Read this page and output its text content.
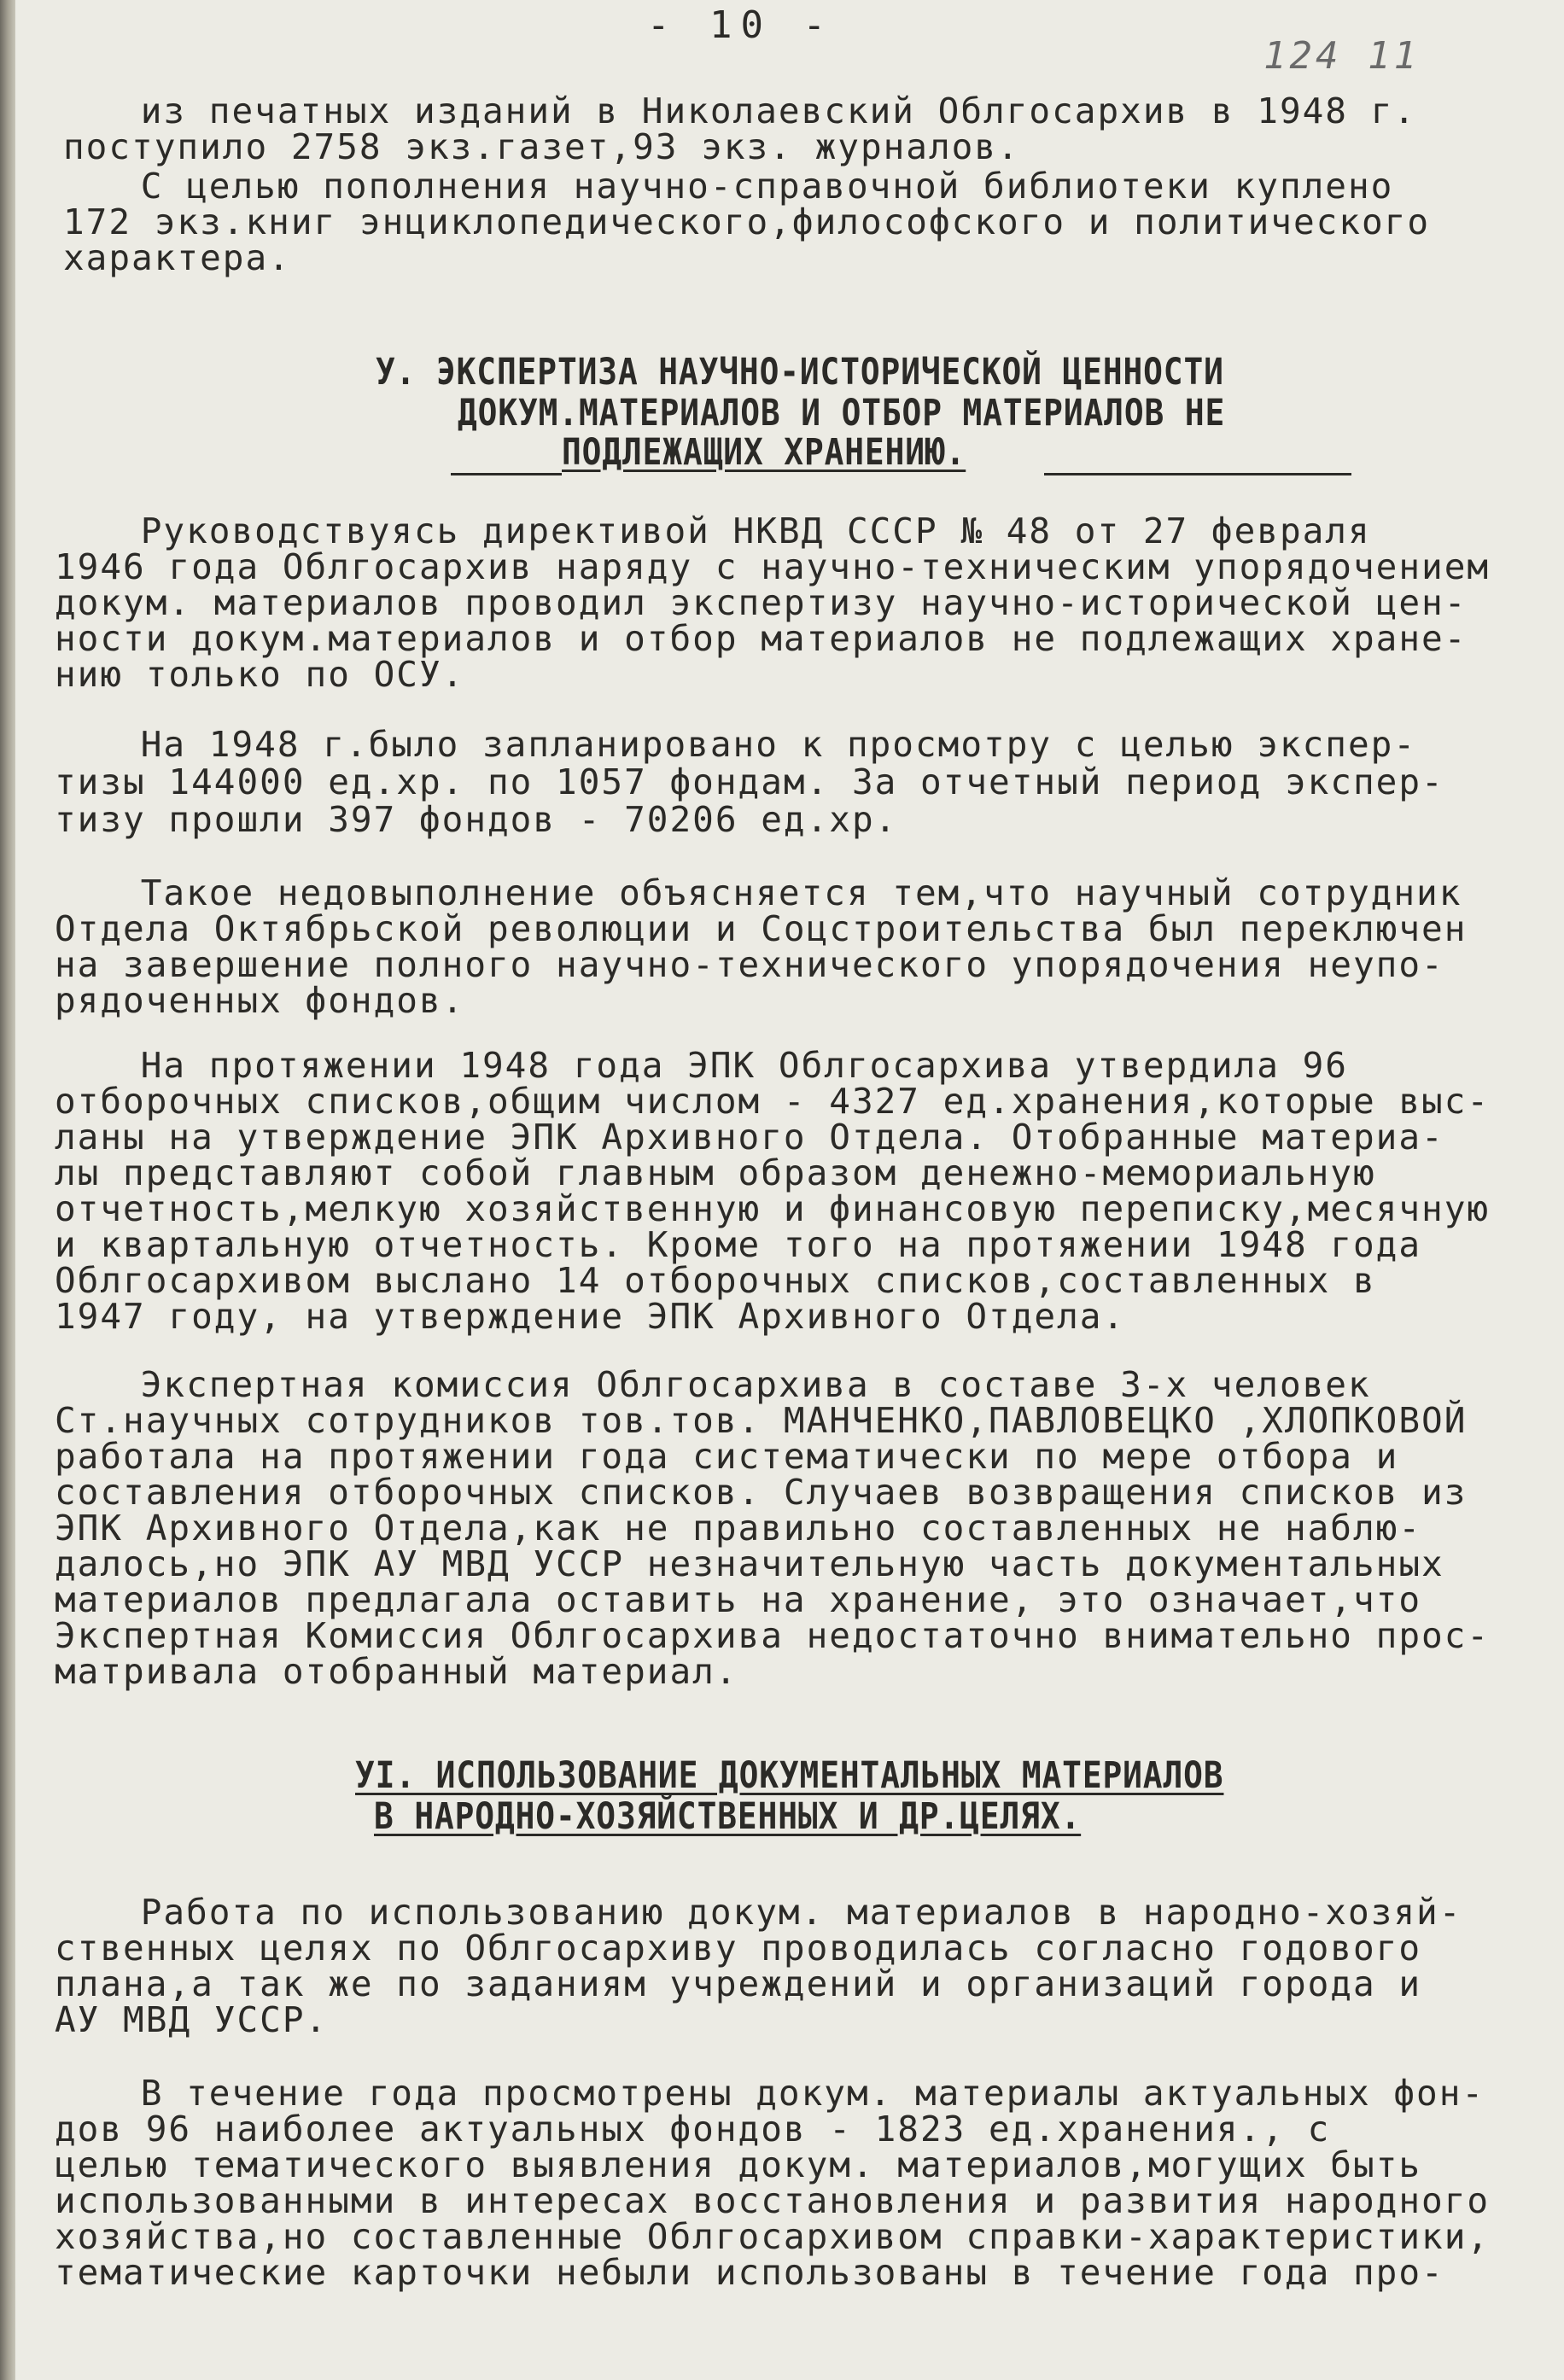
- 10 -
124 11
из печатных изданий в Николаевский Облгосархив в 1948 г.
поступило 2758 экз.газет,93 экз. журналов.
С целью пополнения научно-справочной библиотеки куплено
172 экз.книг энциклопедического,философского и политического
характера.
У. ЭКСПЕРТИЗА НАУЧНО-ИСТОРИЧЕСКОЙ ЦЕННОСТИ
ДОКУМ.МАТЕРИАЛОВ И ОТБОР МАТЕРИАЛОВ НЕ
ПОДЛЕЖАЩИХ ХРАНЕНИЮ.
Руководствуясь директивой НКВД СССР № 48 от 27 февраля
1946 года Облгосархив наряду с научно-техническим упорядочением
докум. материалов проводил экспертизу научно-исторической цен-
ности докум.материалов и отбор материалов не подлежащих хране-
нию только по ОСУ.
На 1948 г.было запланировано к просмотру с целью экспер-
тизы 144000 ед.хр. по 1057 фондам. За отчетный период экспер-
тизу прошли 397 фондов - 70206 ед.хр.
Такое недовыполнение объясняется тем,что научный сотрудник
Отдела Октябрьской революции и Соцстроительства был переключен
на завершение полного научно-технического упорядочения неупо-
рядоченных фондов.
На протяжении 1948 года ЭПК Облгосархива утвердила 96
отборочных списков,общим числом - 4327 ед.хранения,которые выс-
ланы на утверждение ЭПК Архивного Отдела. Отобранные материа-
лы представляют собой главным образом денежно-мемориальную
отчетность,мелкую хозяйственную и финансовую переписку,месячную
и квартальную отчетность. Кроме того на протяжении 1948 года
Облгосархивом выслано 14 отборочных списков,составленных в
1947 году, на утверждение ЭПК Архивного Отдела.
Экспертная комиссия Облгосархива в составе 3-х человек
Ст.научных сотрудников тов.тов. МАНЧЕНКО,ПАВЛОВЕЦКО ,ХЛОПКОВОЙ
работала на протяжении года систематически по мере отбора и
составления отборочных списков. Случаев возвращения списков из
ЭПК Архивного Отдела,как не правильно составленных не наблю-
далось,но ЭПК АУ МВД УССР незначительную часть документальных
материалов предлагала оставить на хранение, это означает,что
Экспертная Комиссия Облгосархива недостаточно внимательно прос-
матривала отобранный материал.
УI. ИСПОЛЬЗОВАНИЕ ДОКУМЕНТАЛЬНЫХ МАТЕРИАЛОВ
В НАРОДНО-ХОЗЯЙСТВЕННЫХ И ДР.ЦЕЛЯХ.
Работа по использованию докум. материалов в народно-хозяй-
ственных целях по Облгосархиву проводилась согласно годового
плана,а так же по заданиям учреждений и организаций города и
АУ МВД УССР.
В течение года просмотрены докум. материалы актуальных фон-
дов 96 наиболее актуальных фондов - 1823 ед.хранения., с
целью тематического выявления докум. материалов,могущих быть
использованными в интересах восстановления и развития народного
хозяйства,но составленные Облгосархивом справки-характеристики,
тематические карточки небыли использованы в течение года про-
